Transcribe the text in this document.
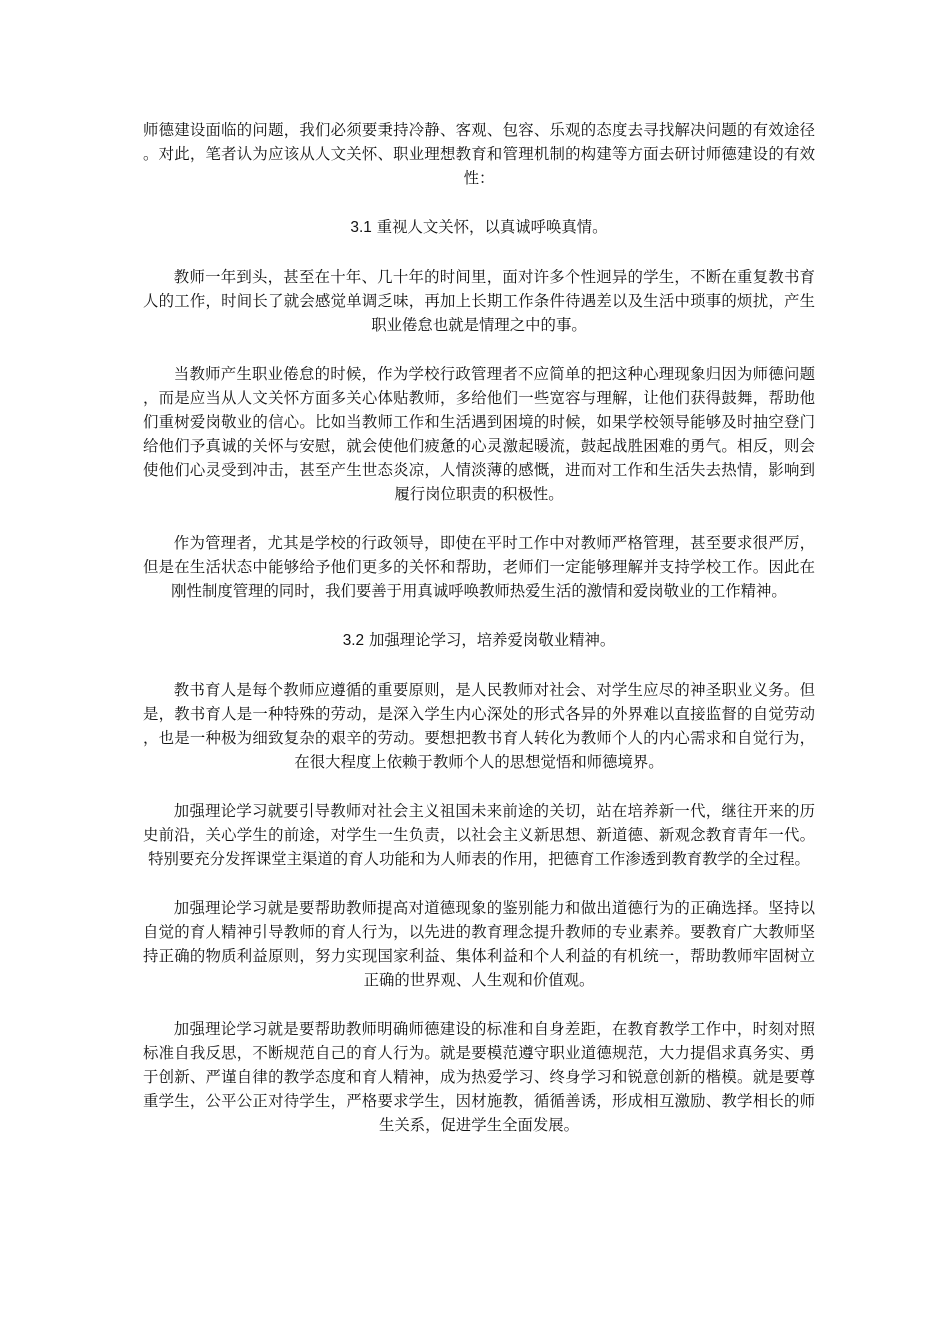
师德建设面临的问题，我们必须要秉持冷静、客观、包容、乐观的态度去寻找解决问题的有效途径。对此，笔者认为应该从人文关怀、职业理想教育和管理机制的构建等方面去研讨师德建设的有效性：

3.1 重视人文关怀，以真诚呼唤真情。

教师一年到头，甚至在十年、几十年的时间里，面对许多个性迥异的学生，不断在重复教书育人的工作，时间长了就会感觉单调乏味，再加上长期工作条件待遇差以及生活中琐事的烦扰，产生职业倦怠也就是情理之中的事。

当教师产生职业倦怠的时候，作为学校行政管理者不应简单的把这种心理现象归因为师德问题，而是应当从人文关怀方面多关心体贴教师，多给他们一些宽容与理解，让他们获得鼓舞，帮助他们重树爱岗敬业的信心。比如当教师工作和生活遇到困境的时候，如果学校领导能够及时抽空登门给他们予真诚的关怀与安慰，就会使他们疲惫的心灵激起暖流，鼓起战胜困难的勇气。相反，则会使他们心灵受到冲击，甚至产生世态炎凉，人情淡薄的感慨，进而对工作和生活失去热情，影响到履行岗位职责的积极性。

作为管理者，尤其是学校的行政领导，即使在平时工作中对教师严格管理，甚至要求很严厉，但是在生活状态中能够给予他们更多的关怀和帮助，老师们一定能够理解并支持学校工作。因此在刚性制度管理的同时，我们要善于用真诚呼唤教师热爱生活的激情和爱岗敬业的工作精神。

3.2 加强理论学习，培养爱岗敬业精神。

教书育人是每个教师应遵循的重要原则，是人民教师对社会、对学生应尽的神圣职业义务。但是，教书育人是一种特殊的劳动，是深入学生内心深处的形式各异的外界难以直接监督的自觉劳动，也是一种极为细致复杂的艰辛的劳动。要想把教书育人转化为教师个人的内心需求和自觉行为，在很大程度上依赖于教师个人的思想觉悟和师德境界。

加强理论学习就要引导教师对社会主义祖国未来前途的关切，站在培养新一代，继往开来的历史前沿，关心学生的前途，对学生一生负责，以社会主义新思想、新道德、新观念教育青年一代。特别要充分发挥课堂主渠道的育人功能和为人师表的作用，把德育工作渗透到教育教学的全过程。

加强理论学习就是要帮助教师提高对道德现象的鉴别能力和做出道德行为的正确选择。坚持以自觉的育人精神引导教师的育人行为，以先进的教育理念提升教师的专业素养。要教育广大教师坚持正确的物质利益原则，努力实现国家利益、集体利益和个人利益的有机统一，帮助教师牢固树立正确的世界观、人生观和价值观。

加强理论学习就是要帮助教师明确师德建设的标准和自身差距，在教育教学工作中，时刻对照标准自我反思，不断规范自己的育人行为。就是要模范遵守职业道德规范，大力提倡求真务实、勇于创新、严谨自律的教学态度和育人精神，成为热爱学习、终身学习和锐意创新的楷模。就是要尊重学生，公平公正对待学生，严格要求学生，因材施教，循循善诱，形成相互激励、教学相长的师生关系，促进学生全面发展。
